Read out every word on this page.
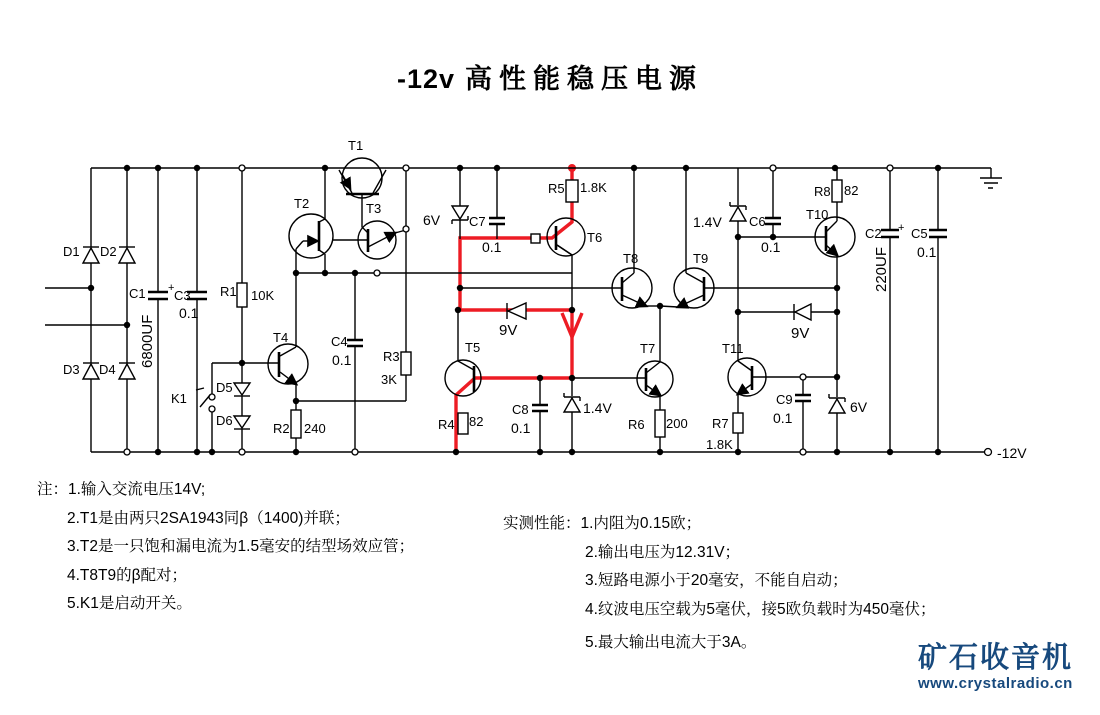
-12v 高性能稳压电源
T1
T2	T3
T4
T5
T6
T7
T8	T9
T10
T11
D1 D2
D3 D4
D5
D6
K1
R1 10K
R2 240
R3
3K
R4 82
R5 1.8K
R6 200 R7
1.8K
R8 82
C1 +
6800UF
C3
0.1
C4
0.1
C7
0.1
C8
0.1
C6
0.1
C9
0.1
C2 +
220UF
C5
0.1
6V
9V
1.4V
1.4V
9V
6V
-12V
注：1.输入交流电压14V;
2.T1是由两只2SA1943同β（1400)并联；
3.T2是一只饱和漏电流为1.5毫安的结型场效应管；
4.T8T9的β配对；
5.K1是启动开关。
实测性能：1.内阻为0.15欧；
2.输出电压为12.31V；
3.短路电源小于20毫安，不能自启动；
4.纹波电压空载为5毫伏，接5欧负载时为450毫伏；
5.最大输出电流大于3A。	矿石收音机
www.crystalradio.cn
